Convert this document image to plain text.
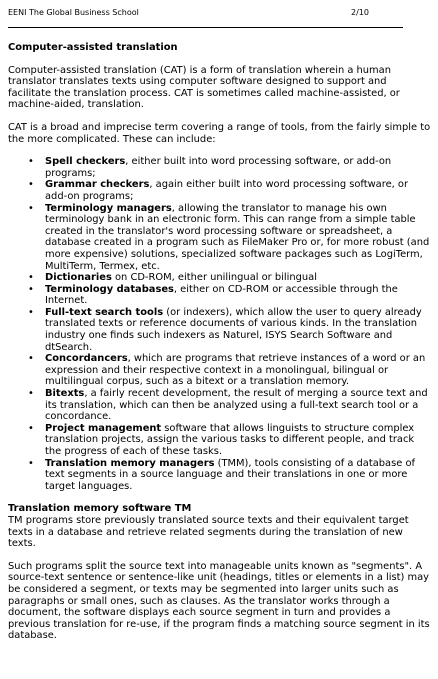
EENI The Global Business School	2/10
Computer-assisted translation

Computer-assisted translation (CAT) is a form of translation wherein a human translator translates texts using computer software designed to support and facilitate the translation process. CAT is sometimes called machine-assisted, or machine-aided, translation.

CAT is a broad and imprecise term covering a range of tools, from the fairly simple to the more complicated. These can include:

• Spell checkers, either built into word processing software, or add-on programs;
• Grammar checkers, again either built into word processing software, or add-on programs;
• Terminology managers, allowing the translator to manage his own terminology bank in an electronic form. This can range from a simple table created in the translator's word processing software or spreadsheet, a database created in a program such as FileMaker Pro or, for more robust (and more expensive) solutions, specialized software packages such as LogiTerm, MultiTerm, Termex, etc.
• Dictionaries on CD-ROM, either unilingual or bilingual
• Terminology databases, either on CD-ROM or accessible through the Internet.
• Full-text search tools (or indexers), which allow the user to query already translated texts or reference documents of various kinds. In the translation industry one finds such indexers as Naturel, ISYS Search Software and dtSearch.
• Concordancers, which are programs that retrieve instances of a word or an expression and their respective context in a monolingual, bilingual or multilingual corpus, such as a bitext or a translation memory.
• Bitexts, a fairly recent development, the result of merging a source text and its translation, which can then be analyzed using a full-text search tool or a concordance.
• Project management software that allows linguists to structure complex translation projects, assign the various tasks to different people, and track the progress of each of these tasks.
• Translation memory managers (TMM), tools consisting of a database of text segments in a source language and their translations in one or more target languages.
Translation memory software TM

TM programs store previously translated source texts and their equivalent target texts in a database and retrieve related segments during the translation of new texts.

Such programs split the source text into manageable units known as "segments". A source-text sentence or sentence-like unit (headings, titles or elements in a list) may be considered a segment, or texts may be segmented into larger units such as paragraphs or small ones, such as clauses. As the translator works through a document, the software displays each source segment in turn and provides a previous translation for re-use, if the program finds a matching source segment in its database.
